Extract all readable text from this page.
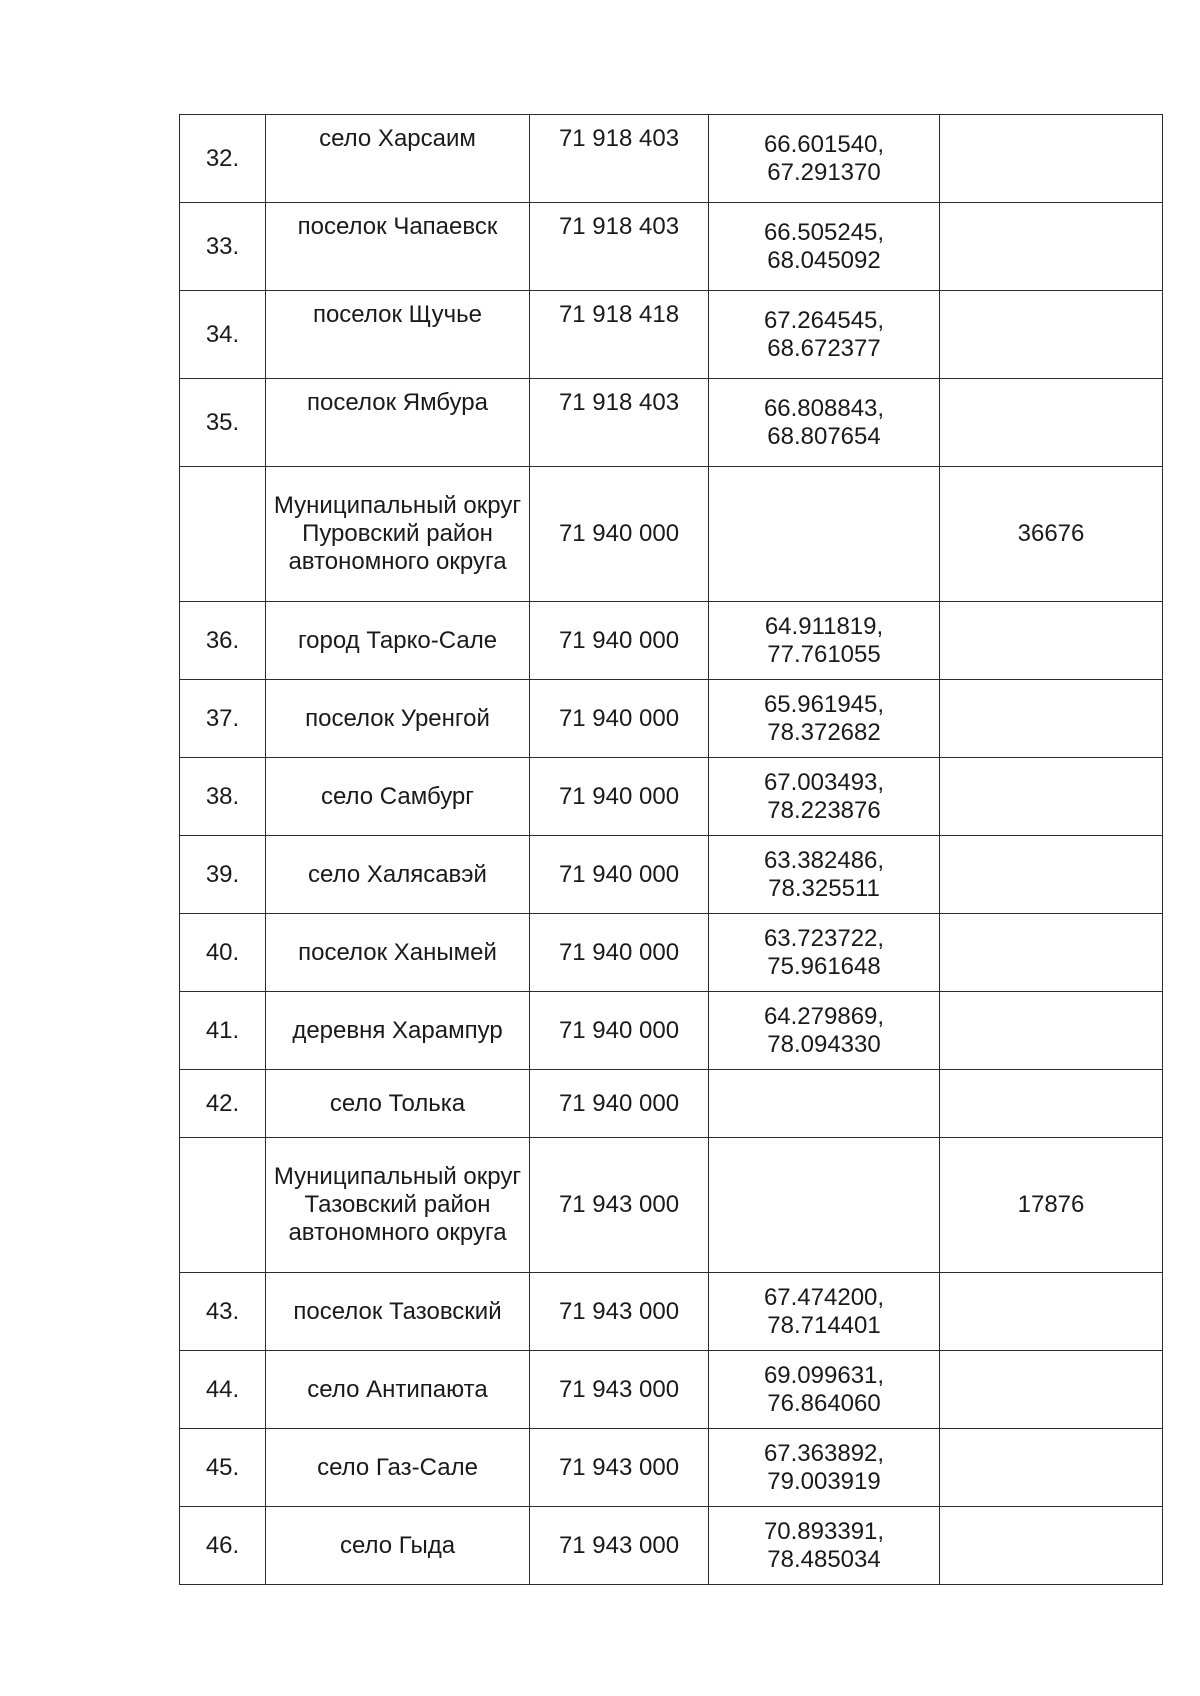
32.	село Харсаим	71 918 403	66.601540,
67.291370	

33.	поселок Чапаевск	71 918 403	66.505245,
68.045092	

34.	поселок Щучье	71 918 418	67.264545,
68.672377	

35.	поселок Ямбура	71 918 403	66.808843,
68.807654	

	Муниципальный округ Пуровский район автономного округа	71 940 000		36676
36.	город Тарко-Сале	71 940 000	64.911819,
77.761055	

37.	поселок Уренгой	71 940 000	65.961945,
78.372682	

38.	село Самбург	71 940 000	67.003493,
78.223876	

39.	село Халясавэй	71 940 000	63.382486,
78.325511	

40.	поселок Ханымей	71 940 000	63.723722,
75.961648	

41.	деревня Харампур	71 940 000	64.279869,
78.094330	

42.	село Толька	71 940 000		
	Муниципальный округ Тазовский район автономного округа	71 943 000		17876
43.	поселок Тазовский	71 943 000	67.474200,
78.714401	

44.	село Антипаюта	71 943 000	69.099631,
76.864060	

45.	село Газ-Сале	71 943 000	67.363892,
79.003919	

46.	село Гыда	71 943 000	70.893391,
78.485034	
